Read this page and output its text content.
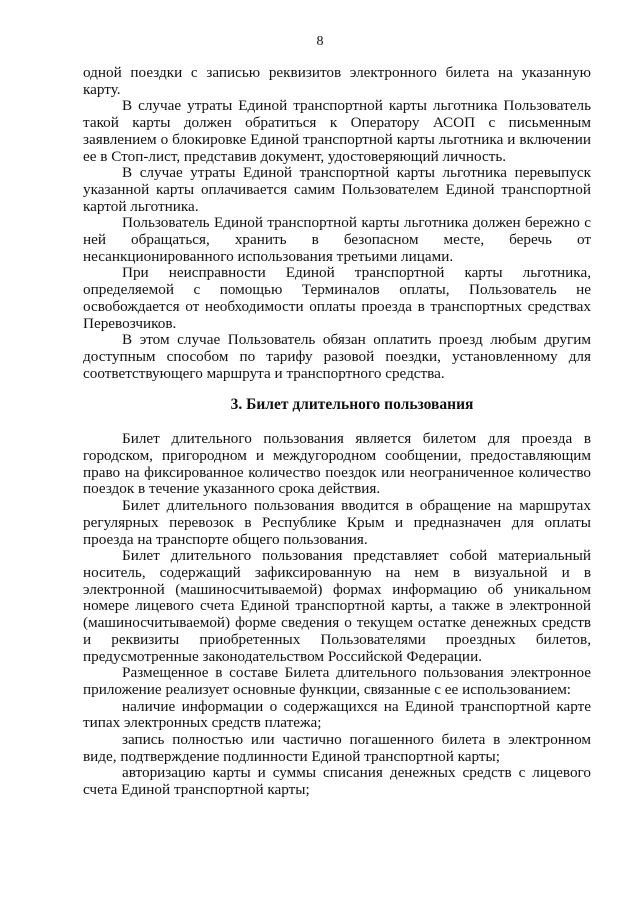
8

одной поездки с записью реквизитов электронного билета на указанную карту.

В случае утраты Единой транспортной карты льготника Пользователь такой карты должен обратиться к Оператору АСОП с письменным заявлением о блокировке Единой транспортной карты льготника и включении ее в Стоп-лист, представив документ, удостоверяющий личность.

В случае утраты Единой транспортной карты льготника перевыпуск указанной карты оплачивается самим Пользователем Единой транспортной картой льготника.

Пользователь Единой транспортной карты льготника должен бережно с ней обращаться, хранить в безопасном месте, беречь от несанкционированного использования третьими лицами.

При неисправности Единой транспортной карты льготника, определяемой с помощью Терминалов оплаты, Пользователь не освобождается от необходимости оплаты проезда в транспортных средствах Перевозчиков.

В этом случае Пользователь обязан оплатить проезд любым другим доступным способом по тарифу разовой поездки, установленному для соответствующего маршрута и транспортного средства.

3. Билет длительного пользования

Билет длительного пользования является билетом для проезда в городском, пригородном и междугородном сообщении, предоставляющим право на фиксированное количество поездок или неограниченное количество поездок в течение указанного срока действия.

Билет длительного пользования вводится в обращение на маршрутах регулярных перевозок в Республике Крым и предназначен для оплаты проезда на транспорте общего пользования.

Билет длительного пользования представляет собой материальный носитель, содержащий зафиксированную на нем в визуальной и в электронной (машиносчитываемой) формах информацию об уникальном номере лицевого счета Единой транспортной карты, а также в электронной (машиносчитываемой) форме сведения о текущем остатке денежных средств и реквизиты приобретенных Пользователями проездных билетов, предусмотренные законодательством Российской Федерации.

Размещенное в составе Билета длительного пользования электронное приложение реализует основные функции, связанные с ее использованием:

наличие информации о содержащихся на Единой транспортной карте типах электронных средств платежа;

запись полностью или частично погашенного билета в электронном виде, подтверждение подлинности Единой транспортной карты;

авторизацию карты и суммы списания денежных средств с лицевого счета Единой транспортной карты;
